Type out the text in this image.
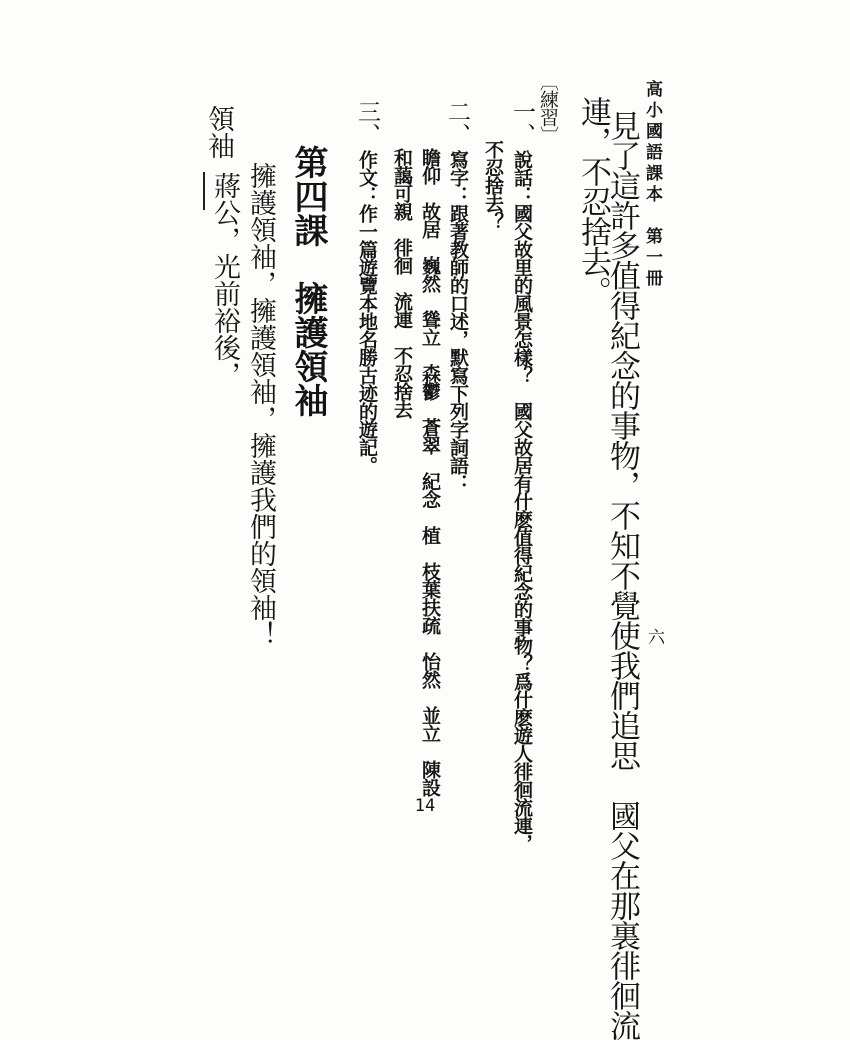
高小國語課本　第一冊
六
見了這許多值得紀念的事物，不知不覺使我們追思　國父在那裏徘徊流
連，不忍捨去。
〔練習〕
一、
說話：國父故里的風景怎樣？　國父故居有什麽值得紀念的事物？爲什麽遊人徘徊流連，
不忍捨去？
二、
寫字：跟著教師的口述，默寫下列字詞語：
瞻仰　故居　巍然　聳立　森鬱　蒼翠　紀念　植　枝葉扶疏　怡然　並立　陳設
和藹可親　徘徊　流連　不忍捨去
三、
作文：作一篇遊覽本地名勝古迹的遊記。
第四課　擁護領袖
擁護領袖，擁護領袖，擁護我們的領袖！
領袖
蔣公，光前裕後，
14
